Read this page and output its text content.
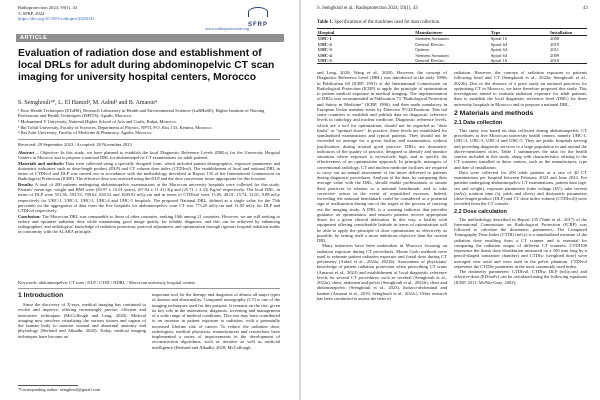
Radioprotection 2024, 59(1), 43
© SFRP, 2024
https://doi.org/10.1051/radiopro/2023041
SFRP
www.radioprotection.org
ARTICLE
Evaluation of radiation dose and establishment of local DRLs for adult during abdominopelvic CT scan imaging for university hospital centers, Morocco
S. Semghouli¹*, L. El Hamid², M. Aabid³ and B. Amaoui⁴
¹ Euro Health Techniques (ETaHS), Research Laboratory in Health and Environmental Sciences (LaRHaSE), Higher Institute of Nursing Professions and Health Techniques (ISPITS), Agadir, Morocco.
² Mohammed V University, National Higher School of Arts and Crafts, Rabat, Morocco.
³ Ibn Tofail University, Faculty of Sciences, Department of Physics, NPTI, P.O. Box 133, Kenitra, Morocco.
⁴ Ibn Zohr University, Faculty of Medicine & Pharmacy, Agadir, Morocco.
Received: 29 September 2023 / Accepted: 20 November 2023

Abstract – Objective: In this study, we have planned to establish the local Diagnostic Reference Levels (DRLs) for the University Hospital Centers in Morocco and to propose a national DRL for abdominopelvic CT examinations for adult patients.

Materials and methods: Data were collected using a specially designed form, which included patient demographics, exposure parameters and dosimetric indicators such as dose-length product (DLP) and CT volume dose index (CTDIvol). The establishment of local and national DRL in terms of CTDIvol and DLP was carried out in accordance with the methodology described in Report 135 of the International Commission on Radiological Protection (ICRP). The effective dose was assessed using the DLP and the dose conversion factor appropriate for this location.

Results: A total of 200 patients undergoing abdominopelvic examinations at the Moroccan university hospitals were collected for this study. Patients' mean age, weight and BMI were (50.97 ± 15.01 years), (67.94 ± 11.41) Kg and (25.71 ± 3.33) Kg/m² respectively. The local DRL, in terms of DLP were 551.56, 593.53, 709.62, 845.52 and 1049.92 mGy.cm and in terms of CTDIvol were 13.05, 48.01, 15.74, 12.01, 9.88 mGy respectively for UHC-1, UHC-2, UHC-3, UHC-4 and UHC-5 hospitals. The proposed National DRL, defined as a single value for the 75th percentile on the aggregation of data from the five hospitals for abdominopelvic scan CT was 773.20 mGy.cm and 12.05 mGy for DLP and CTDIvol respectively.

Conclusion: The Moroccan DRL was comparable to those of other countries, ranking 10th among 21 countries. However, we are still seeking to reduce and optimize radiation dose while maintaining good image quality for reliable diagnosis, and this can be achieved by enhancing radiographers' and radiologists' knowledge of radiation protection, protocol adjustment, and optimization through rigorous hospital radiation audits in conformity with the ALARA principle.

Keywords: abdominopelvic CT scan / DLP / CTDI / NDRL / Moroccan university hospital centers
1 Introduction

Since the discovery of X-rays, medical imaging has continued to evolve and improve, offering increasingly precise, efficient and innovative techniques (McCollough and Leng, 2020). Medical imaging now involves visualizing the various tissues and organs of the human body to monitor normal and abnormal anatomy and physiology (Berhard and Alkadhi, 2020). Today, medical imaging techniques have become an

important tool for the therapy and diagnosis of almost all major types of disease and abnormality. Computed tomography (CT) is one of the imaging techniques used for this purpose. It remains on the rise, given its key role in the assessment, diagnosis, screening and management of a wide range of medical conditions. This rise may have contributed to an increase in patient exposure to radiation, with a potentially increased lifetime risk of cancer. To reduce the radiation dose, radiologists, medical physicists, manufacturers and researchers have implemented a series of improvements in the development of reconstruction algorithms, such as iterative as well as artificial intelligence (Berhard and Alkadhi, 2020; McCollough

*Corresponding author: semghouli@gmail.com
S. Semghouli et al.: Radioprotection 2024, 59(1), 43	43
Table 1. Specifications of the machines used for data collection.
Hospital	Manufacturer	Type	Installation
UHC-1	Siemens Somatom	Spiral 16	2008
UHC-2	General Electric	Spiral 64	2019
UHC-3	Optima	Spiral 64	2011
UHC-4	Siemens Somatom	Spiral 64	2009
UHC-5	General Electric	Spiral 16	2018

and Leng, 2020; Wang et al., 2020). However, the concept of Diagnostic Reference Level (DRL) was introduced in the early 1990s in Publication 60 (ICRP, 1991) of the International Commission on Radiological Protection (ICRP) to apply the principle of optimization to patient medical exposure in medical imaging. The implementation of DRLs was recommended in Publication 73 "Radiological Protection and Safety in Medicine" (ICRP, 1996), and then made mandatory in European Union member states by Directive 97/43/Euratom. This led some countries to establish and publish data on diagnostic reference levels in radiology and nuclear medicine. Diagnostic reference levels, which are a tool for optimization, should not be regarded as "dose limits" or "optimal doses". In practice, these levels are established for standardized examinations and typical patients. They should not be exceeded on average for a given facility and examination, without justification, during normal good practice. DRLs are dosimetric indicators of the quality of practice, designed to identify and monitor situations where exposure is excessively high, and to specify the effectiveness of an optimization approach. In principle, managers of conventional radiology, CT and nuclear medicine facilities are required to carry out an annual assessment of the doses delivered to patients during diagnostic procedures. Analysis of the data, by comparing their average value with the DRL, should enable professionals to situate their practices in relation to a national benchmark, and to take corrective action in the event of unjustified excesses. Indeed, exceeding the national benchmark could be considered as a potential sign of malfunction during one of the stages of the process of carrying out the imaging study. A DRL is a warning indicator that provides guidance on optimization, and ensures patients receive appropriate doses for a given clinical indication. In this way, a facility with equipment offering considerable latitude in terms of optimization will be able to apply the principle of dose optimization as effectively as possible, by setting itself a more ambitious objective than the current DRL.

Many initiatives have been undertaken in Morocco focusing on radiation exposure during CT procedures. Monte Carlo methods were used to estimate patient radiation exposure and foetal dose during CT pelvimetry (Aabid et al., 2022a, 2022b). Assessment of physicians' knowledge of patient radiation protection when prescribing CT scans (Amaoui et al., 2023) and establishment of local diagnostic reference levels for several CT procedures, such as cerebral (Semghouli et al., 2022a), chest, abdomen and pelvis (Semghouli et al., 2022b), chest and abdominopelvic (Semghouli et al., 2023), thoraco-abdominal and lumbar (Amaoui et al., 2019; Semghouli et al., 2022c). Other research has been conducted to assess the risks of

radiation. However, the concept of radiation exposure to patients following head and CT (Semghouli et al., 2022a; Semghouli et al., 2022b). Due to the absence of a prior study on national practices for optimizing CT in Morocco, we have therefore proposed this study. This investigation aimed to evaluate radiation exposure for adult patients, then to establish the local diagnostic reference level (DRL) for three university hospitals in Morocco and to propose a national DRL.

2 Materials and methods
2.1 Data collection

This study was based on data collected during abdominopelvic CT procedures at five Moroccan university health centers, namely UHC-1, UHC-2, UHC-3, UHC-4 and UHC-5. They are public hospitals serving and providing diagnostic services to a large population in and around the above-mentioned cities. Table 1 summarizes the data for the health centers included in this study, along with characteristics relating to the CT scanners installed in these centers, such as the manufacturer, type and date of installation.

Data were collected for 200 adult patients at a rate of 40 CT examinations per hospital between February 2023 and June 2023. For patients undergoing abdominopelvic CT examinations, patient data (age, sex and weight), exposure parameters (tube voltage (kV), tube current (mAs), rotation time (s), pitch and slices) and dosimetric parameters (dose-length product (DLP) and CT dose index volume (CTDIvol)) were recorded from the CT console.

2.2 Dose calculation

The methodology described in Report 135 (Vañó et al., 2017) of the International Commission on Radiological Protection (ICRP) was followed to calculate the dosimetric parameters. The Computed Tomography Dose Index (CTDI) (mGy) is a standardized measure of the radiation dose resulting from a CT scanner and is essential for comparing the radiation output of different CT scanners. CTDI100 represents the linear dose distribution measured on a 100 mm long by a pencil-shaped ionization chamber) and CTDIw (weighted dose) were averaged over axial and were used in the pelvic phantom. CTDIvol represents the CTDIw parameter in the most commonly used index.

The dosimetry parameters' CTDIvol, CTDIw, DLP (mGy.cm) and effective dose (ED/mSv) can be calculated using the following equations (ICRP, 2011; McNitt-Gray, 2002):
